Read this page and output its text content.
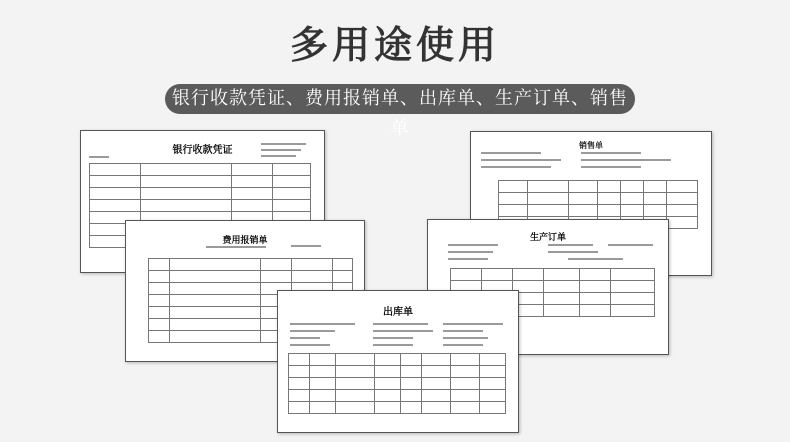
多用途使用
银行收款凭证、费用报销单、出库单、生产订单、销售单
银行收款凭证

				销售单

生产订单

费用报销单

出库单
